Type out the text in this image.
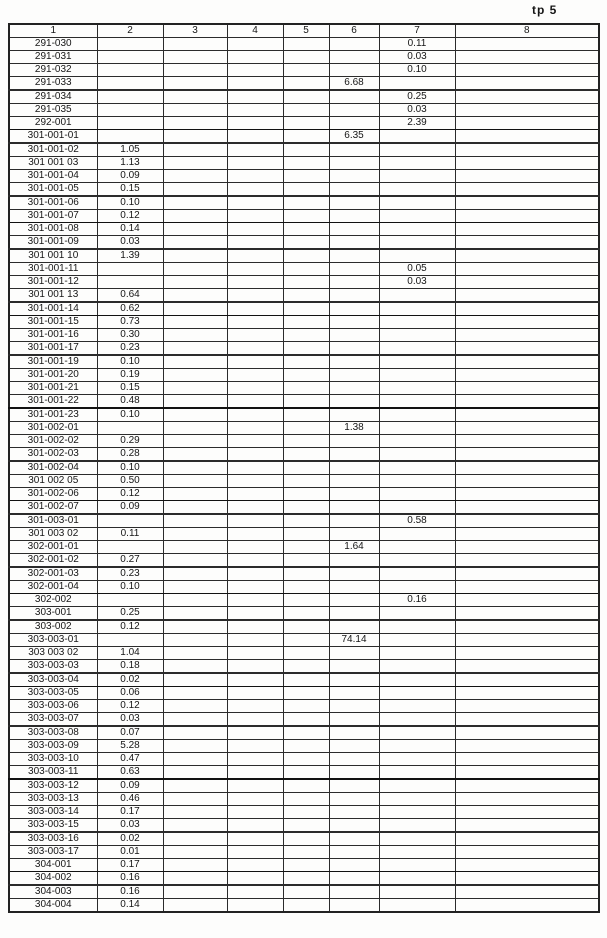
tp 5
1	2	3	4	5	6	7	8
291-030						0.11	
291-031						0.03	
291-032						0.10	
291-033					6.68		
291-034						0.25	
291-035						0.03	
292-001						2.39	
301-001-01					6.35		
301-001-02	1.05						
301 001 03	1.13						
301-001-04	0.09						
301-001-05	0.15						
301-001-06	0.10						
301-001-07	0.12						
301-001-08	0.14						
301-001-09	0.03						
301 001 10	1.39						
301-001-11						0.05	
301-001-12						0.03	
301 001 13	0.64						
301-001-14	0.62						
301-001-15	0.73						
301-001-16	0.30						
301-001-17	0.23						
301-001-19	0.10						
301-001-20	0.19						
301-001-21	0.15						
301-001-22	0.48						
301-001-23	0.10						
301-002-01					1.38		
301-002-02	0.29						
301-002-03	0.28						
301-002-04	0.10						
301 002 05	0.50						
301-002-06	0.12						
301-002-07	0.09						
301-003-01						0.58	
301 003 02	0.11						
302-001-01					1.64		
302-001-02	0.27						
302-001-03	0.23						
302-001-04	0.10						
302-002						0.16	
303-001	0.25						
303-002	0.12						
303-003-01					74.14		
303 003 02	1.04						
303-003-03	0.18						
303-003-04	0.02						
303-003-05	0.06						
303-003-06	0.12						
303-003-07	0.03						
303-003-08	0.07						
303-003-09	5.28						
303-003-10	0.47						
303-003-11	0.63						
303-003-12	0.09						
303-003-13	0.46						
303-003-14	0.17						
303-003-15	0.03						
303-003-16	0.02						
303-003-17	0.01						
304-001	0.17						
304-002	0.16						
304-003	0.16						
304-004	0.14						
